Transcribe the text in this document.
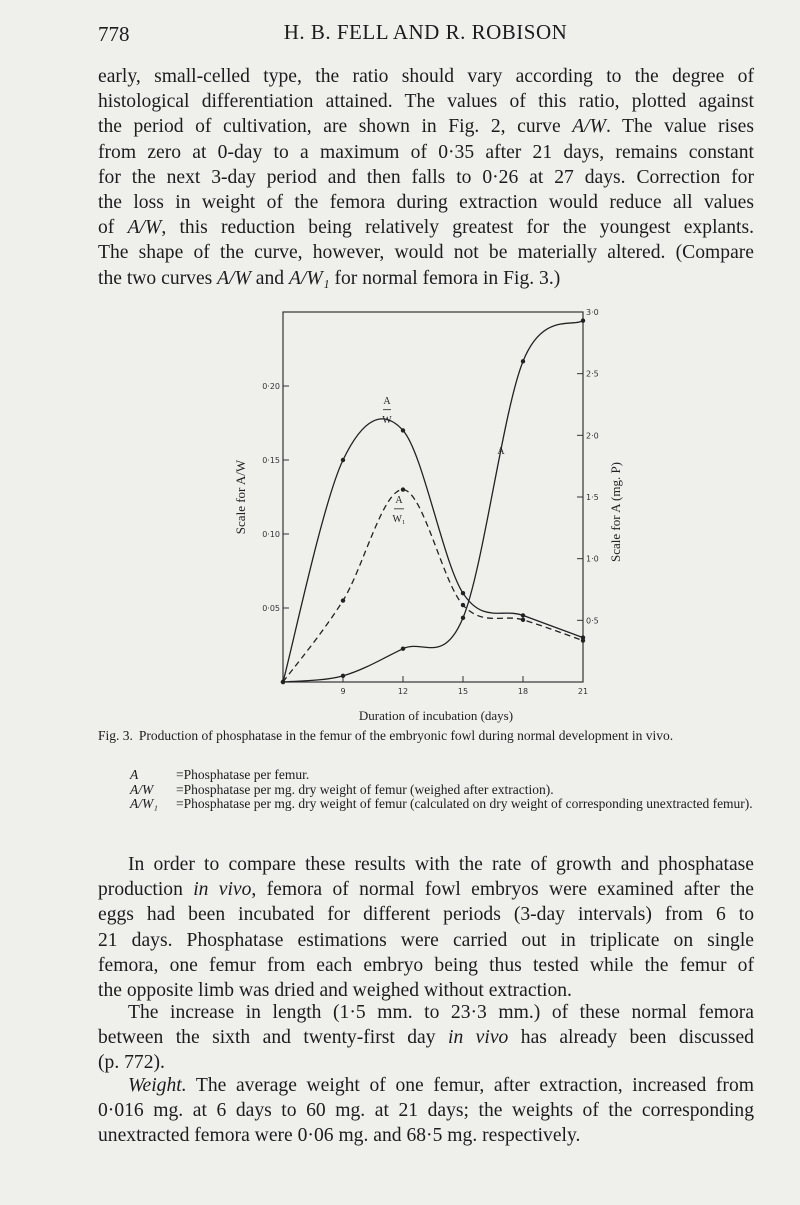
778	H. B. FELL AND R. ROBISON
early, small-celled type, the ratio should vary according to the degree of
histological differentiation attained. The values of this ratio, plotted against
the period of cultivation, are shown in Fig. 2, curve A/W. The value rises
from zero at 0-day to a maximum of 0·35 after 21 days, remains constant
for the next 3-day period and then falls to 0·26 at 27 days. Correction for
the loss in weight of the femora during extraction would reduce all values
of A/W, this reduction being relatively greatest for the youngest explants.
The shape of the curve, however, would not be materially altered. (Compare
the two curves A/W and A/W₁ for normal femora in Fig. 3.)
9	12	15	18	21
0·05
0·10
0·15
0·20
0·5
1·0
1·5
2·0
2·5
3·0
Duration of incubation (days)
Scale for A/W	Scale for A (mg. P)
A
W
A
W₁
A
Fig. 3. Production of phosphatase in the femur of the embryonic fowl during normal development in vivo.
A	=Phosphatase per femur.
A/W	=Phosphatase per mg. dry weight of femur (weighed after extraction).
A/W₁	=Phosphatase per mg. dry weight of femur (calculated on dry weight of corresponding unextracted femur).
In order to compare these results with the rate of growth and phosphatase
production in vivo, femora of normal fowl embryos were examined after the
eggs had been incubated for different periods (3-day intervals) from 6 to
21 days. Phosphatase estimations were carried out in triplicate on single
femora, one femur from each embryo being thus tested while the femur of
the opposite limb was dried and weighed without extraction.
The increase in length (1·5 mm. to 23·3 mm.) of these normal femora
between the sixth and twenty-first day in vivo has already been discussed
(p. 772).
Weight. The average weight of one femur, after extraction, increased from
0·016 mg. at 6 days to 60 mg. at 21 days; the weights of the corresponding
unextracted femora were 0·06 mg. and 68·5 mg. respectively.
